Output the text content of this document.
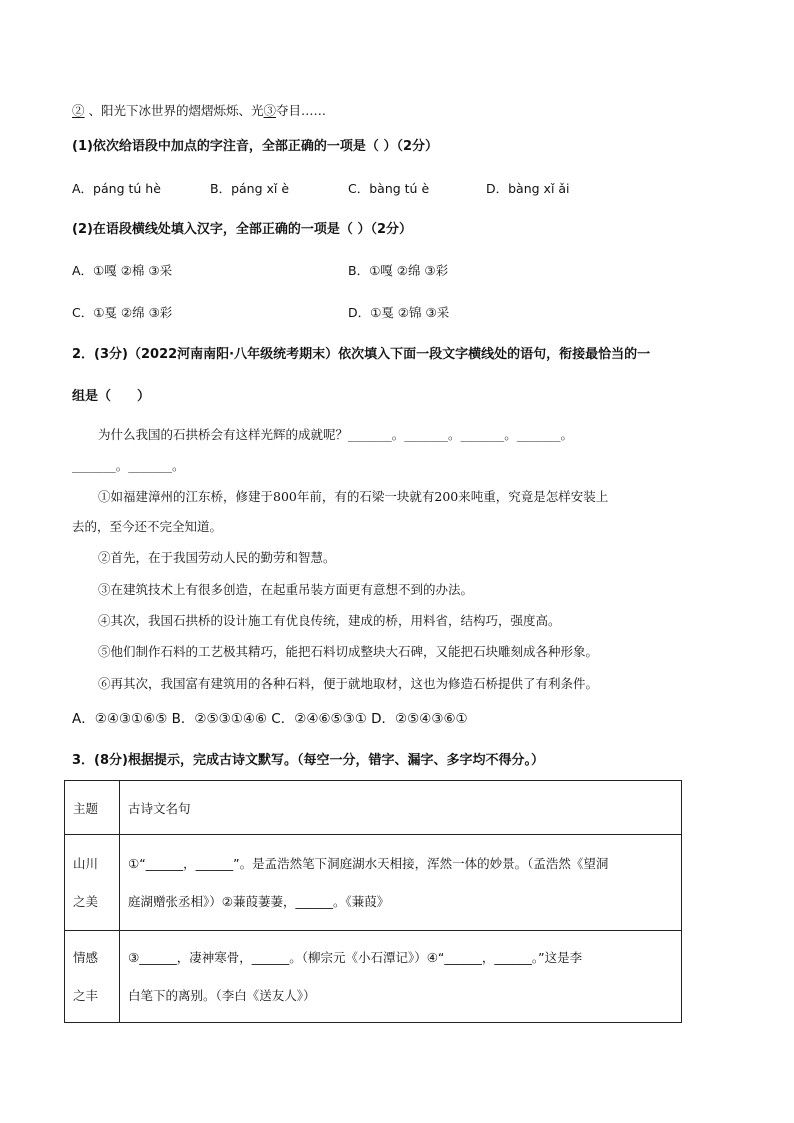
② 、阳光下冰世界的熠熠烁烁、光③夺目……
(1)依次给语段中加点的字注音，全部正确的一项是（ ）（2分）
A．páng tú hè	B．páng xǐ è	C．bàng tú è	D．bàng xǐ ǎi
(2)在语段横线处填入汉字，全部正确的一项是（ ）（2分）
A．①嘎 ②棉 ③采	B．①嘎 ②绵 ③彩
C．①戛 ②绵 ③彩	D．①戛 ②锦 ③采
2．(3分)（2022河南南阳·八年级统考期末）依次填入下面一段文字横线处的语句，衔接最恰当的一
组是（　　）
为什么我国的石拱桥会有这样光辉的成就呢？_______。_______。_______。_______。
_______。_______。
①如福建漳州的江东桥，修建于800年前，有的石梁一块就有200来吨重，究竟是怎样安装上
去的，至今还不完全知道。
②首先，在于我国劳动人民的勤劳和智慧。
③在建筑技术上有很多创造，在起重吊装方面更有意想不到的办法。
④其次，我国石拱桥的设计施工有优良传统，建成的桥，用料省，结构巧，强度高。
⑤他们制作石料的工艺极其精巧，能把石料切成整块大石碑，又能把石块雕刻成各种形象。
⑥再其次，我国富有建筑用的各种石料，便于就地取材，这也为修造石桥提供了有利条件。
A．②④③①⑥⑤ B．②⑤③①④⑥ C．②④⑥⑤③① D．②⑤④③⑥①
3．(8分)根据提示，完成古诗文默写。（每空一分，错字、漏字、多字均不得分。）
主题	古诗文名句

山川
之美	①“______，______”。是孟浩然笔下洞庭湖水天相接，浑然一体的妙景。（孟浩然《望洞
庭湖赠张丞相》）②蒹葭萋萋，______。《蒹葭》

情感
之丰	③______，凄神寒骨，______。（柳宗元《小石潭记》）④“______，______。”这是李
白笔下的离别。（李白《送友人》）
